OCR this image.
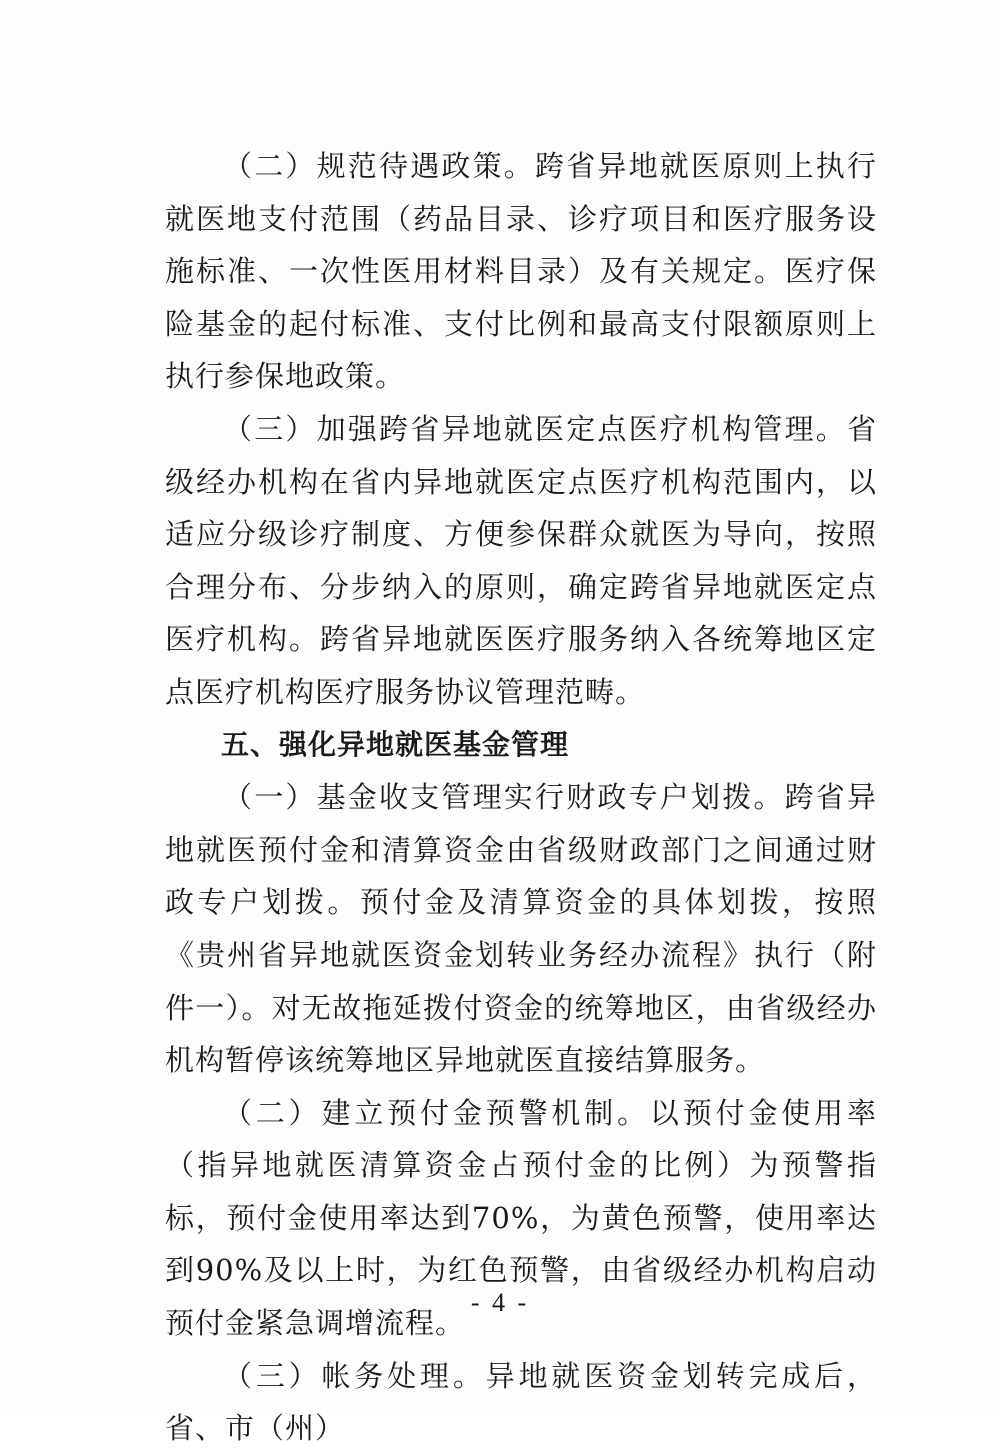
（二）规范待遇政策。跨省异地就医原则上执行就医地支付范围（药品目录、诊疗项目和医疗服务设施标准、一次性医用材料目录）及有关规定。医疗保险基金的起付标准、支付比例和最高支付限额原则上执行参保地政策。

（三）加强跨省异地就医定点医疗机构管理。省级经办机构在省内异地就医定点医疗机构范围内，以适应分级诊疗制度、方便参保群众就医为导向，按照合理分布、分步纳入的原则，确定跨省异地就医定点医疗机构。跨省异地就医医疗服务纳入各统筹地区定点医疗机构医疗服务协议管理范畴。

五、强化异地就医基金管理

（一）基金收支管理实行财政专户划拨。跨省异地就医预付金和清算资金由省级财政部门之间通过财政专户划拨。预付金及清算资金的具体划拨，按照《贵州省异地就医资金划转业务经办流程》执行（附件一）。对无故拖延拨付资金的统筹地区，由省级经办机构暂停该统筹地区异地就医直接结算服务。

（二）建立预付金预警机制。以预付金使用率（指异地就医清算资金占预付金的比例）为预警指标，预付金使用率达到70%，为黄色预警，使用率达到90%及以上时，为红色预警，由省级经办机构启动预付金紧急调增流程。

（三）帐务处理。异地就医资金划转完成后，省、市（州）

- 4 -
